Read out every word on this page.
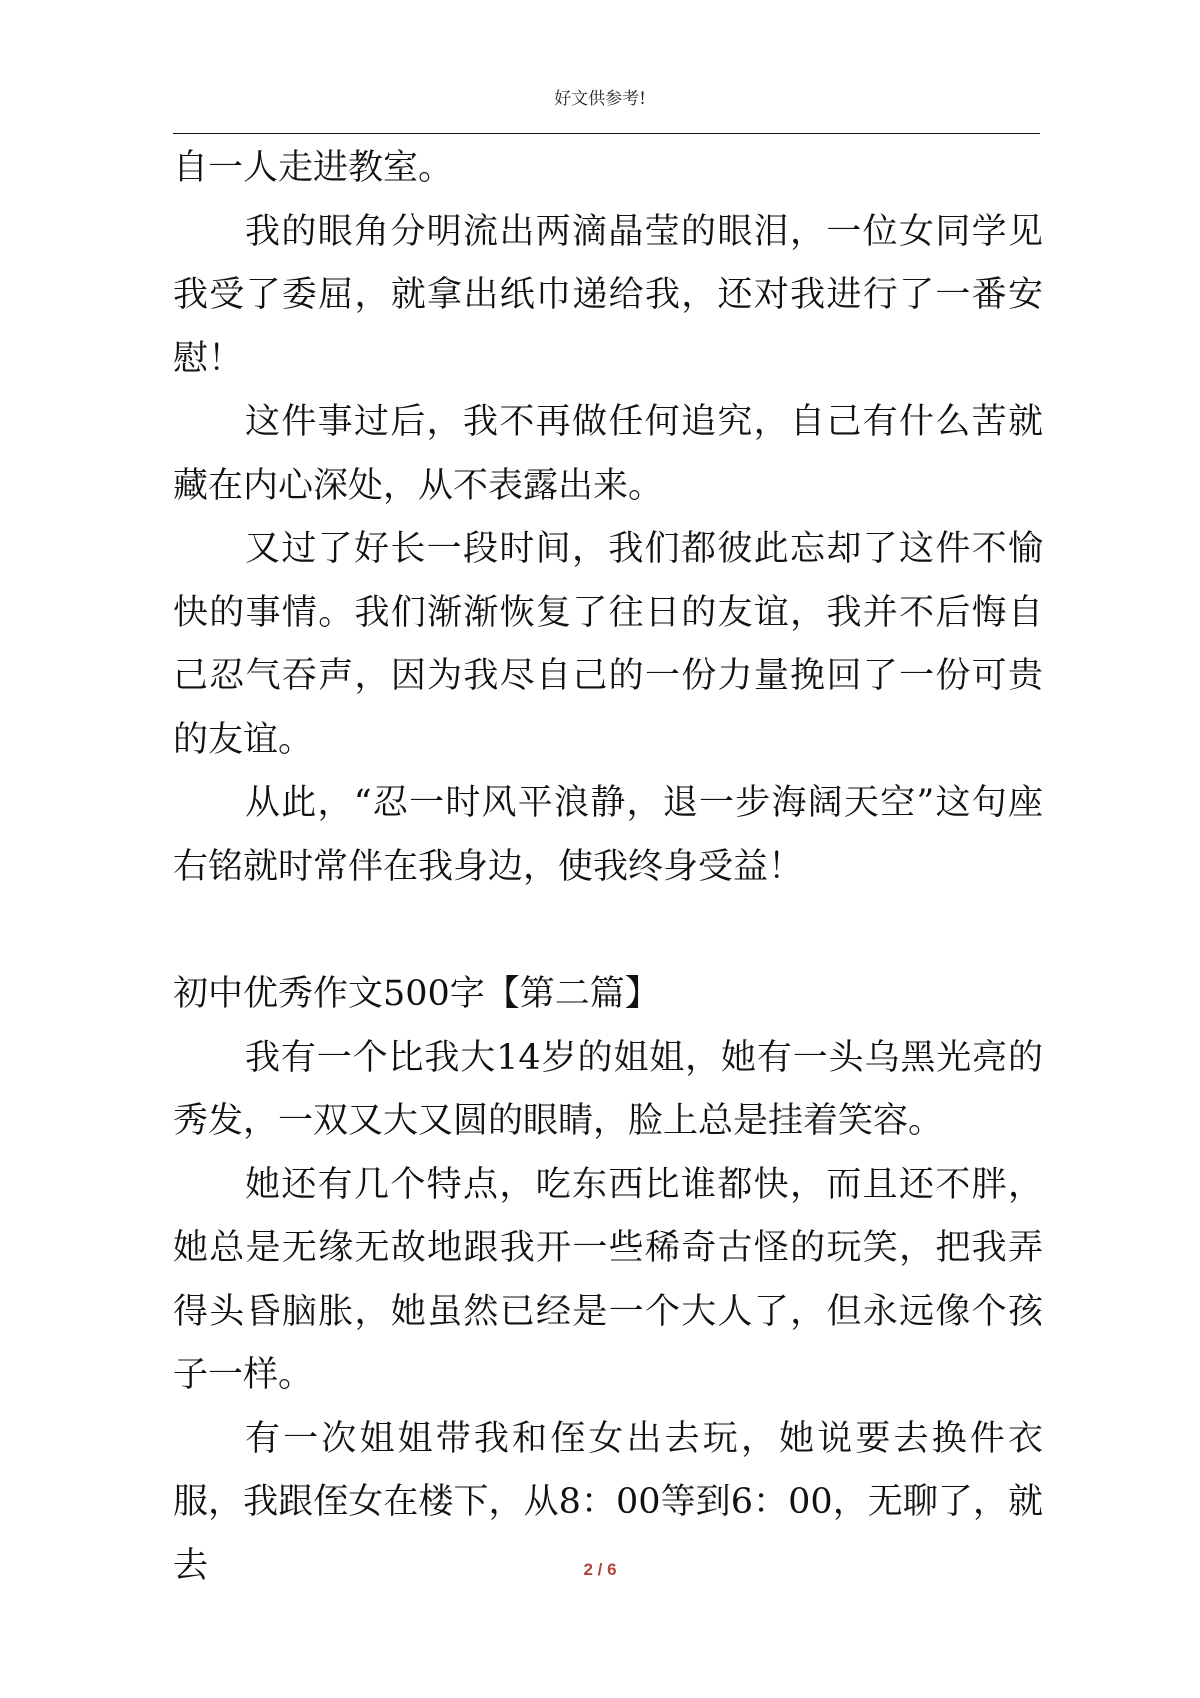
好文供参考!

自一人走进教室。

我的眼角分明流出两滴晶莹的眼泪，一位女同学见我受了委屈，就拿出纸巾递给我，还对我进行了一番安慰！

这件事过后，我不再做任何追究，自己有什么苦就藏在内心深处，从不表露出来。

又过了好长一段时间，我们都彼此忘却了这件不愉快的事情。我们渐渐恢复了往日的友谊，我并不后悔自己忍气吞声，因为我尽自己的一份力量挽回了一份可贵的友谊。

从此，“忍一时风平浪静，退一步海阔天空”这句座右铭就时常伴在我身边，使我终身受益！

初中优秀作文500字【第二篇】

我有一个比我大14岁的姐姐，她有一头乌黑光亮的秀发，一双又大又圆的眼睛，脸上总是挂着笑容。

她还有几个特点，吃东西比谁都快，而且还不胖，她总是无缘无故地跟我开一些稀奇古怪的玩笑，把我弄得头昏脑胀，她虽然已经是一个大人了，但永远像个孩子一样。

有一次姐姐带我和侄女出去玩，她说要去换件衣服，我跟侄女在楼下，从8：00等到6：00，无聊了，就去	2 / 6
